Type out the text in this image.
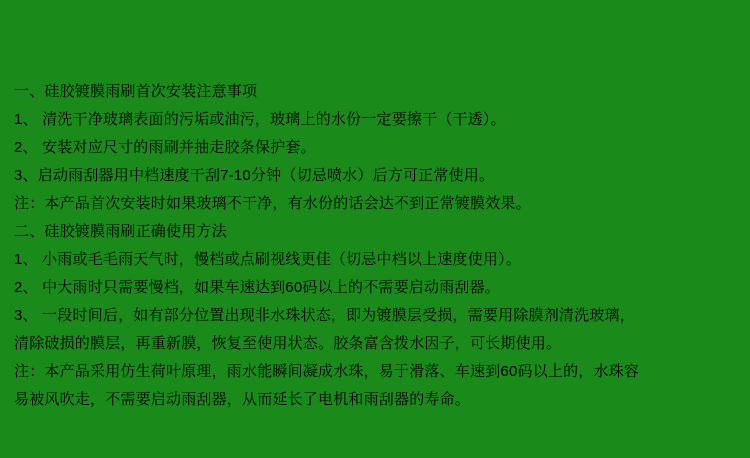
一、硅胶镀膜雨刷首次安装注意事项
1、 清洗干净玻璃表面的污垢或油污，玻璃上的水份一定要擦干（干透）。
2、 安装对应尺寸的雨刷并抽走胶条保护套。
3、启动雨刮器用中档速度干刮7-10分钟（切忌喷水）后方可正常使用。
注：本产品首次安装时如果玻璃不干净，有水份的话会达不到正常镀膜效果。
二、硅胶镀膜雨刷正确使用方法
1、 小雨或毛毛雨天气时，慢档或点刷视线更佳（切忌中档以上速度使用）。
2、 中大雨时只需要慢档，如果车速达到60码以上的不需要启动雨刮器。
3、 一段时间后，如有部分位置出现非水珠状态，即为镀膜层受损，需要用除膜剂清洗玻璃，
清除破损的膜层，再重新膜，恢复至使用状态。胶条富含拨水因子，可长期使用。
注：本产品采用仿生荷叶原理，雨水能瞬间凝成水珠，易于滑落、车速到60码以上的，水珠容
易被风吹走，不需要启动雨刮器，从而延长了电机和雨刮器的寿命。
